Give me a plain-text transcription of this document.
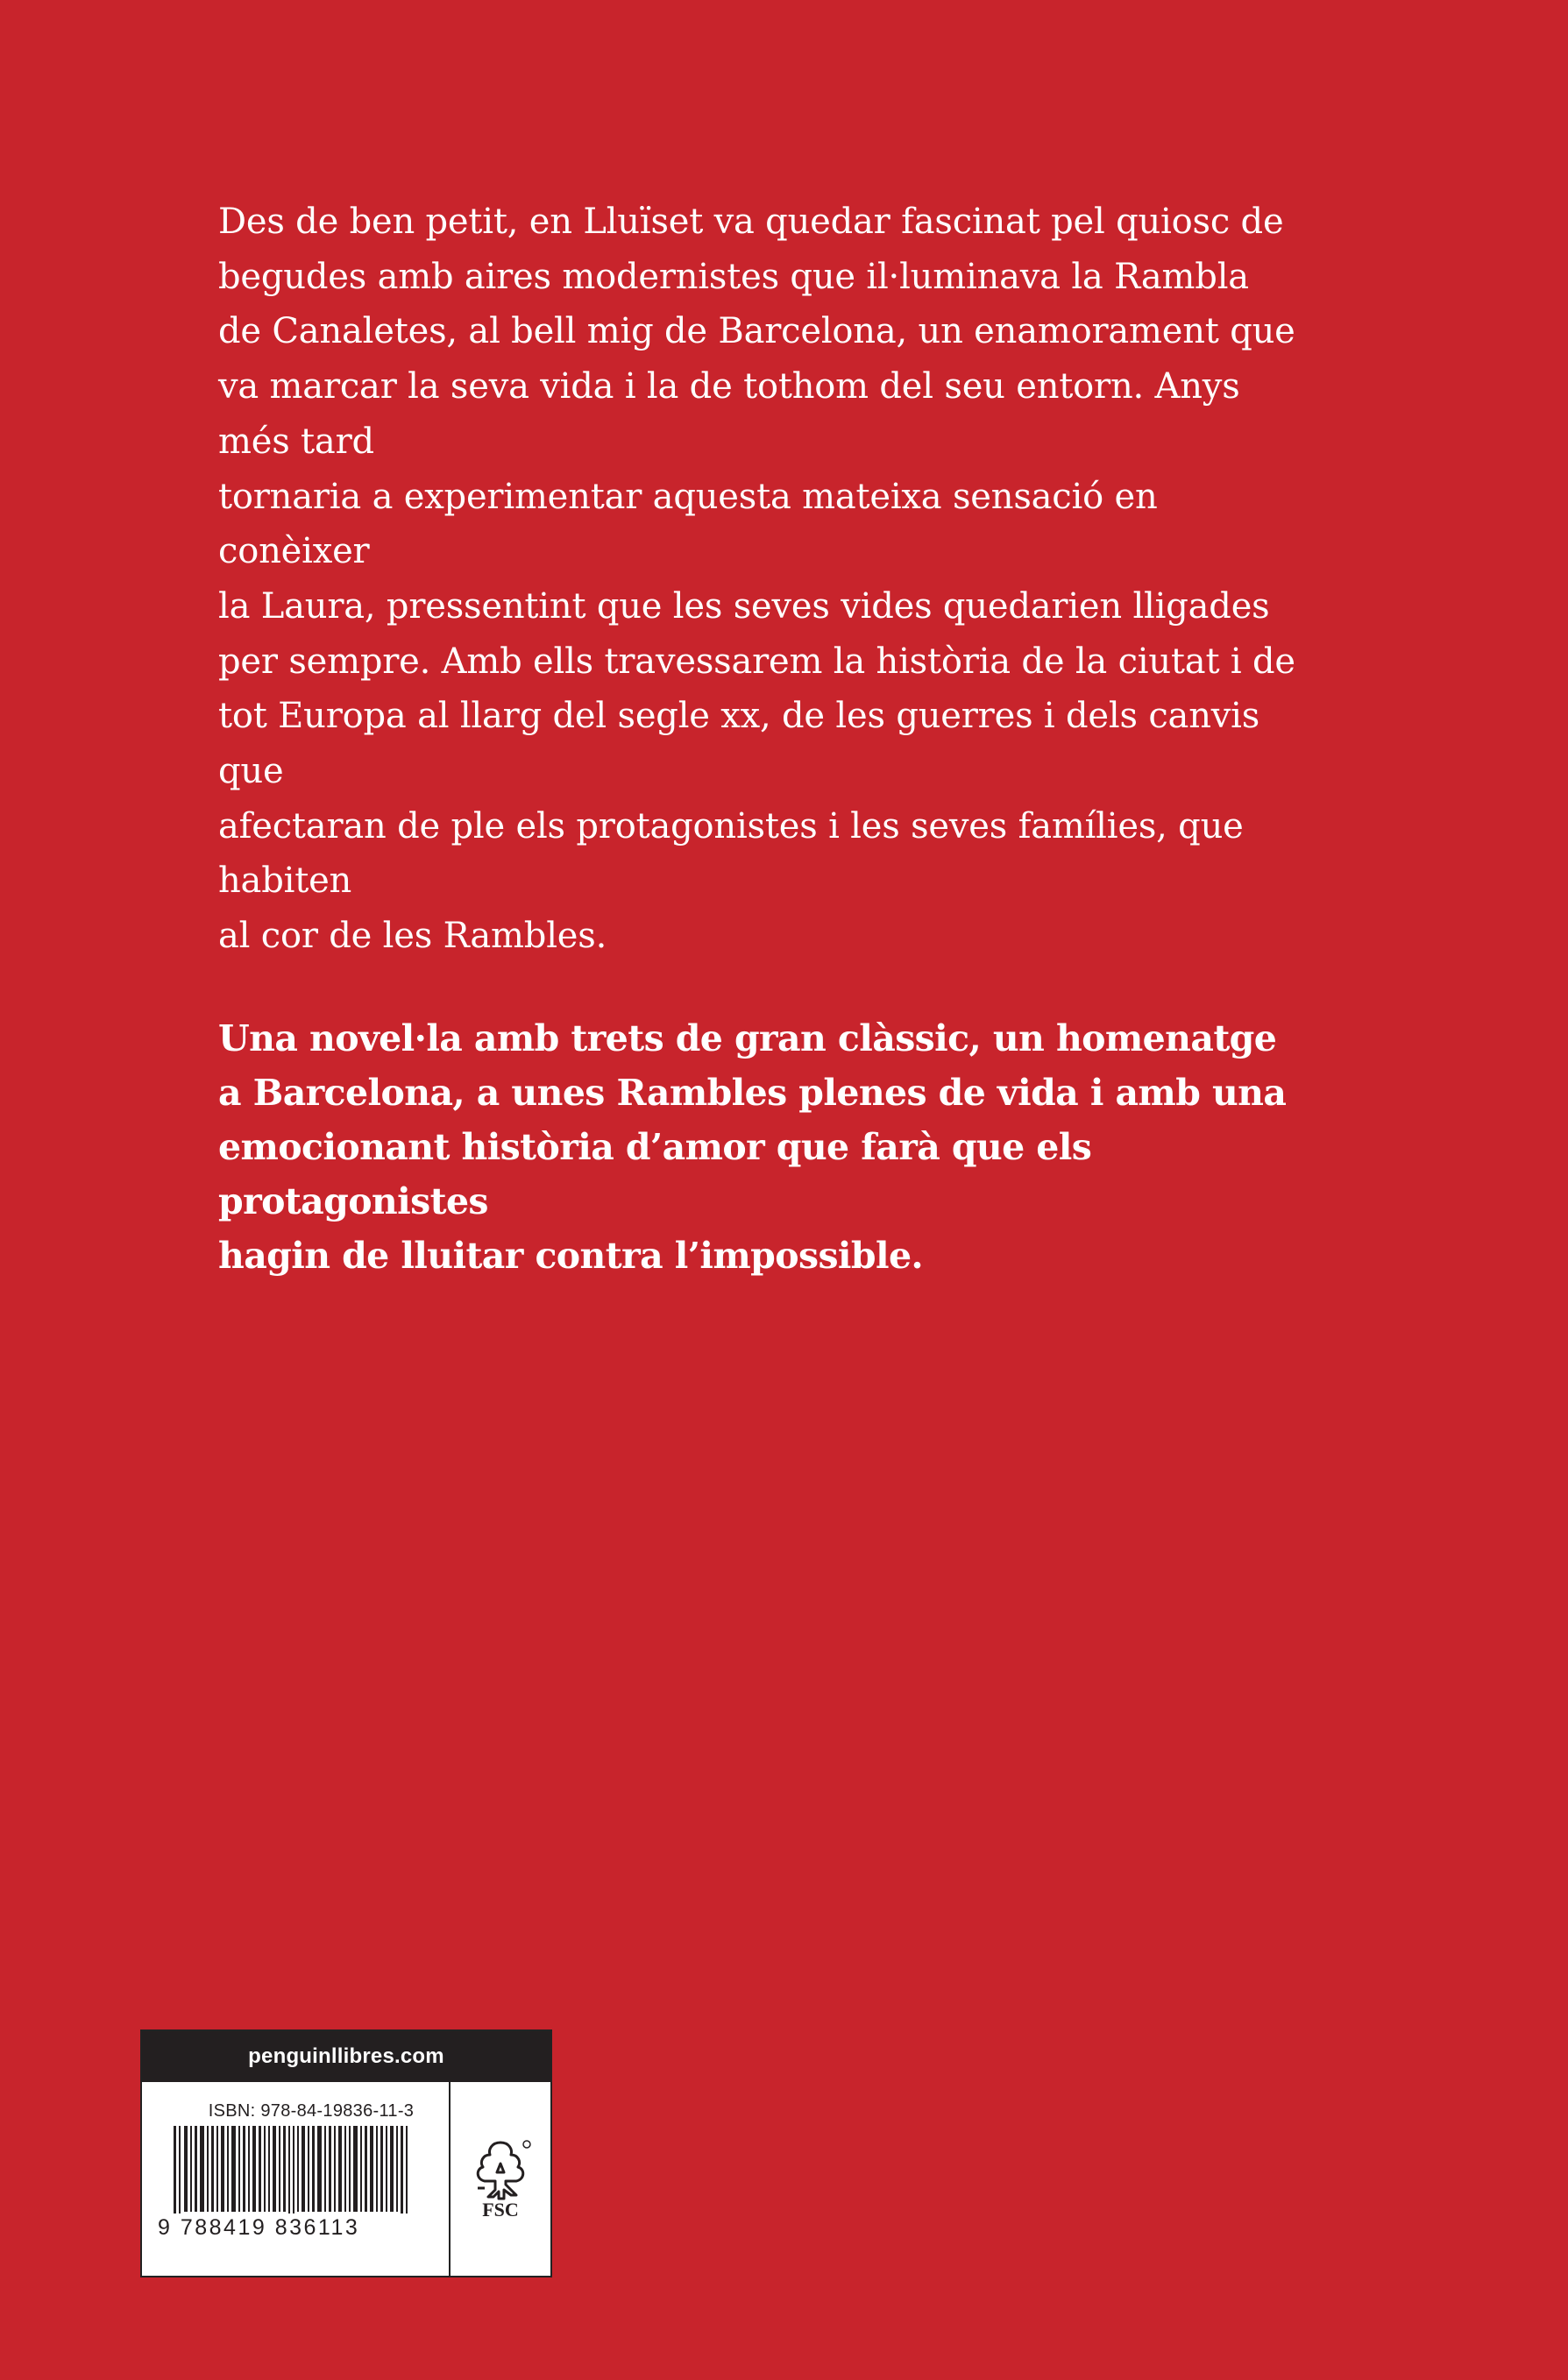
Des de ben petit, en Lluïset va quedar fascinat pel quiosc de
begudes amb aires modernistes que il·luminava la Rambla
de Canaletes, al bell mig de Barcelona, un enamorament que
va marcar la seva vida i la de tothom del seu entorn. Anys més tard
tornaria a experimentar aquesta mateixa sensació en conèixer
la Laura, pressentint que les seves vides quedarien lligades
per sempre. Amb ells travessarem la història de la ciutat i de
tot Europa al llarg del segle xx, de les guerres i dels canvis que
afectaran de ple els protagonistes i les seves famílies, que habiten
al cor de les Rambles.

Una novel·la amb trets de gran clàssic, un homenatge
a Barcelona, a unes Rambles plenes de vida i amb una
emocionant història d’amor que farà que els protagonistes
hagin de lluitar contra l’impossible.

penguinllibres.com
ISBN: 978-84-19836-11-3
9 788419 836113
FSC
